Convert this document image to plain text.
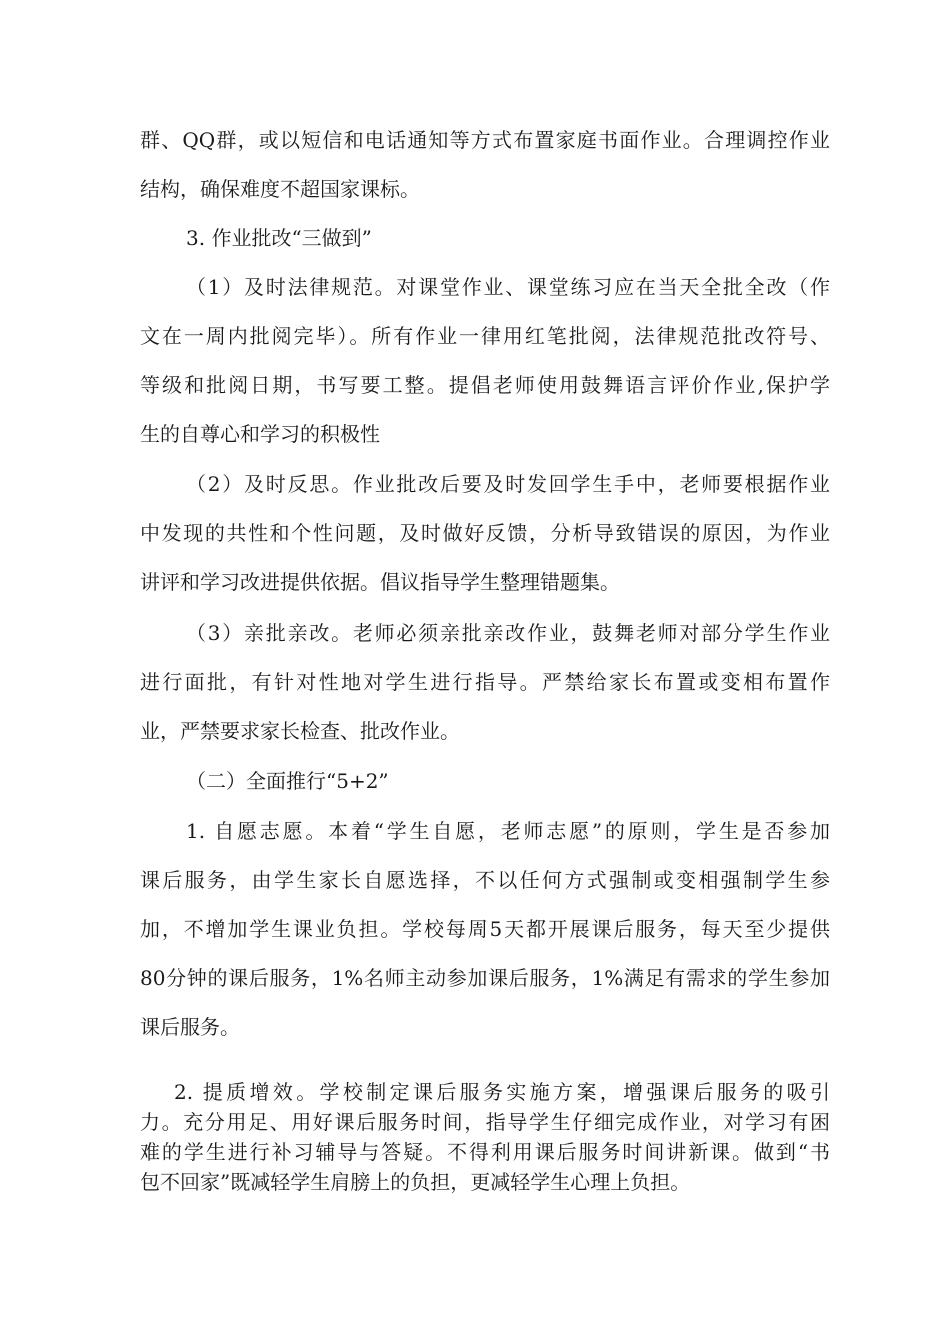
群、QQ群，或以短信和电话通知等方式布置家庭书面作业。合理调控作业
结构，确保难度不超国家课标。
3. 作业批改“三做到”
（1）及时法律规范。对课堂作业、课堂练习应在当天全批全改（作
文在一周内批阅完毕）。所有作业一律用红笔批阅，法律规范批改符号、
等级和批阅日期，书写要工整。提倡老师使用鼓舞语言评价作业,保护学
生的自尊心和学习的积极性
（2）及时反思。作业批改后要及时发回学生手中，老师要根据作业
中发现的共性和个性问题，及时做好反馈，分析导致错误的原因，为作业
讲评和学习改进提供依据。倡议指导学生整理错题集。
（3）亲批亲改。老师必须亲批亲改作业，鼓舞老师对部分学生作业
进行面批，有针对性地对学生进行指导。严禁给家长布置或变相布置作
业，严禁要求家长检查、批改作业。
（二）全面推行“5+2”
1. 自愿志愿。本着“学生自愿，老师志愿”的原则，学生是否参加
课后服务，由学生家长自愿选择，不以任何方式强制或变相强制学生参
加，不增加学生课业负担。学校每周5天都开展课后服务，每天至少提供
80分钟的课后服务，1%名师主动参加课后服务，1%满足有需求的学生参加
课后服务。
2. 提质增效。学校制定课后服务实施方案，增强课后服务的吸引
力。充分用足、用好课后服务时间，指导学生仔细完成作业，对学习有困
难的学生进行补习辅导与答疑。不得利用课后服务时间讲新课。做到“书
包不回家”既减轻学生肩膀上的负担，更减轻学生心理上负担。
